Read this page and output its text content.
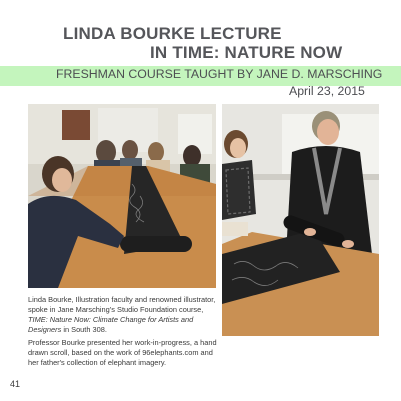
LINDA BOURKE LECTURE
IN TIME: NATURE NOW
FRESHMAN COURSE TAUGHT BY JANE D. MARSCHING
April 23, 2015

Linda Bourke, Illustration faculty and renowned illustrator, spoke in Jane Marsching’s Studio Foundation course, TIME: Nature Now: Climate Change for Artists and Designers in South 308.

Professor Bourke presented her work-in-progress, a hand drawn scroll, based on the work of 96elephants.com and her father's collection of elephant imagery.

41
